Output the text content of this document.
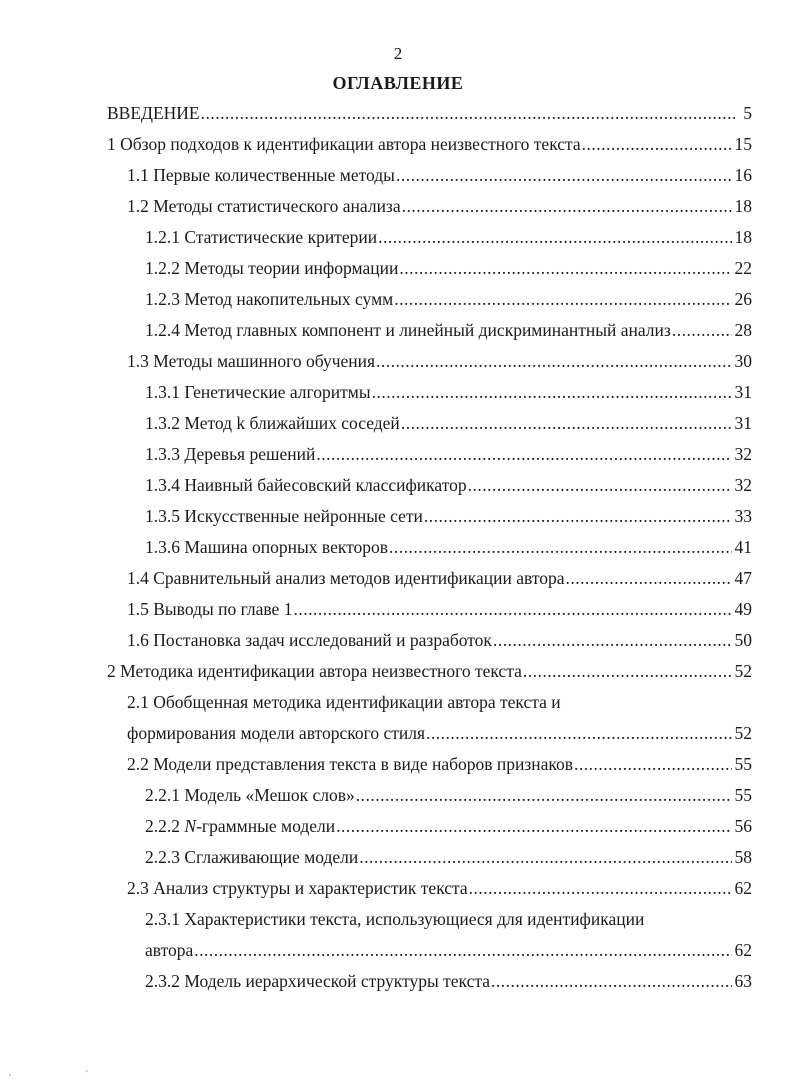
2
ОГЛАВЛЕНИЕ
ВВЕДЕНИЕ .....	5
1 Обзор подходов к идентификации автора неизвестного текста .....	15
1.1 Первые количественные методы .....	16
1.2 Методы статистического анализа .....	18
1.2.1 Статистические критерии .....	18
1.2.2 Методы теории информации .....	22
1.2.3 Метод накопительных сумм .....	26
1.2.4 Метод главных компонент и линейный дискриминантный анализ .....	28
1.3 Методы машинного обучения .....	30
1.3.1 Генетические алгоритмы .....	31
1.3.2 Метод k ближайших соседей .....	31
1.3.3 Деревья решений .....	32
1.3.4 Наивный байесовский классификатор .....	32
1.3.5 Искусственные нейронные сети .....	33
1.3.6 Машина опорных векторов .....	41
1.4 Сравнительный анализ методов идентификации автора .....	47
1.5 Выводы по главе 1 .....	49
1.6 Постановка задач исследований и разработок .....	50
2 Методика идентификации автора неизвестного текста .....	52
2.1 Обобщенная методика идентификации автора текста и
формирования модели авторского стиля .....	52
2.2 Модели представления текста в виде наборов признаков .....	55
2.2.1 Модель «Мешок слов» .....	55
2.2.2 N-граммные модели .....	56
2.2.3 Сглаживающие модели .....	58
2.3 Анализ структуры и характеристик текста .....	62
2.3.1 Характеристики текста, использующиеся для идентификации
автора .....	62
2.3.2 Модель иерархической структуры текста .....	63
'	'
